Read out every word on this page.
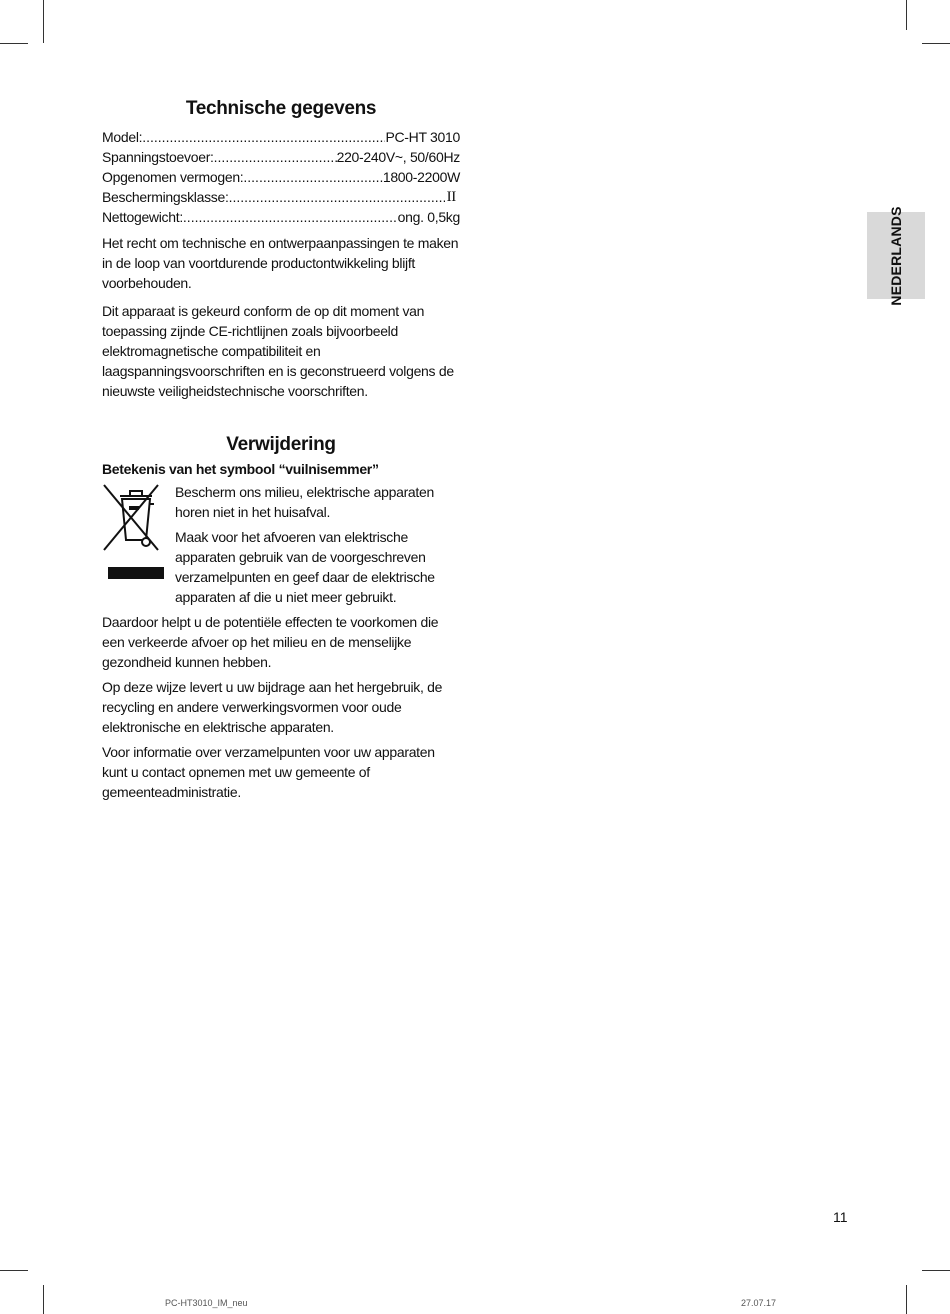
Technische gegevens
Model: .....	PC-HT 3010
Spanningstoevoer: .....	220-240V~, 50/60Hz
Opgenomen vermogen: .....	1800-2200W
Beschermingsklasse: .....	II
Nettogewicht: .....	ong. 0,5kg

Het recht om technische en ontwerpaanpassingen te maken in de loop van voortdurende productontwikkeling blijft voorbehouden.

Dit apparaat is gekeurd conform de op dit moment van toepassing zijnde CE-richtlijnen zoals bijvoorbeeld elektromagnetische compatibiliteit en laagspanningsvoorschriften en is geconstrueerd volgens de nieuwste veiligheidstechnische voorschriften.

Verwijdering
Betekenis van het symbool “vuilnisemmer”

Bescherm ons milieu, elektrische apparaten horen niet in het huisafval.

Maak voor het afvoeren van elektrische apparaten gebruik van de voorgeschreven verzamelpunten en geef daar de elektrische apparaten af die u niet meer gebruikt.

Daardoor helpt u de potentiële effecten te voorkomen die een verkeerde afvoer op het milieu en de menselijke gezondheid kunnen hebben.

Op deze wijze levert u uw bijdrage aan het hergebruik, de recycling en andere verwerkingsvormen voor oude elektronische en elektrische apparaten.

Voor informatie over verzamelpunten voor uw apparaten kunt u contact opnemen met uw gemeente of gemeenteadministratie.

NEDERLANDS
11
PC-HT3010_IM_neu	27.07.17
